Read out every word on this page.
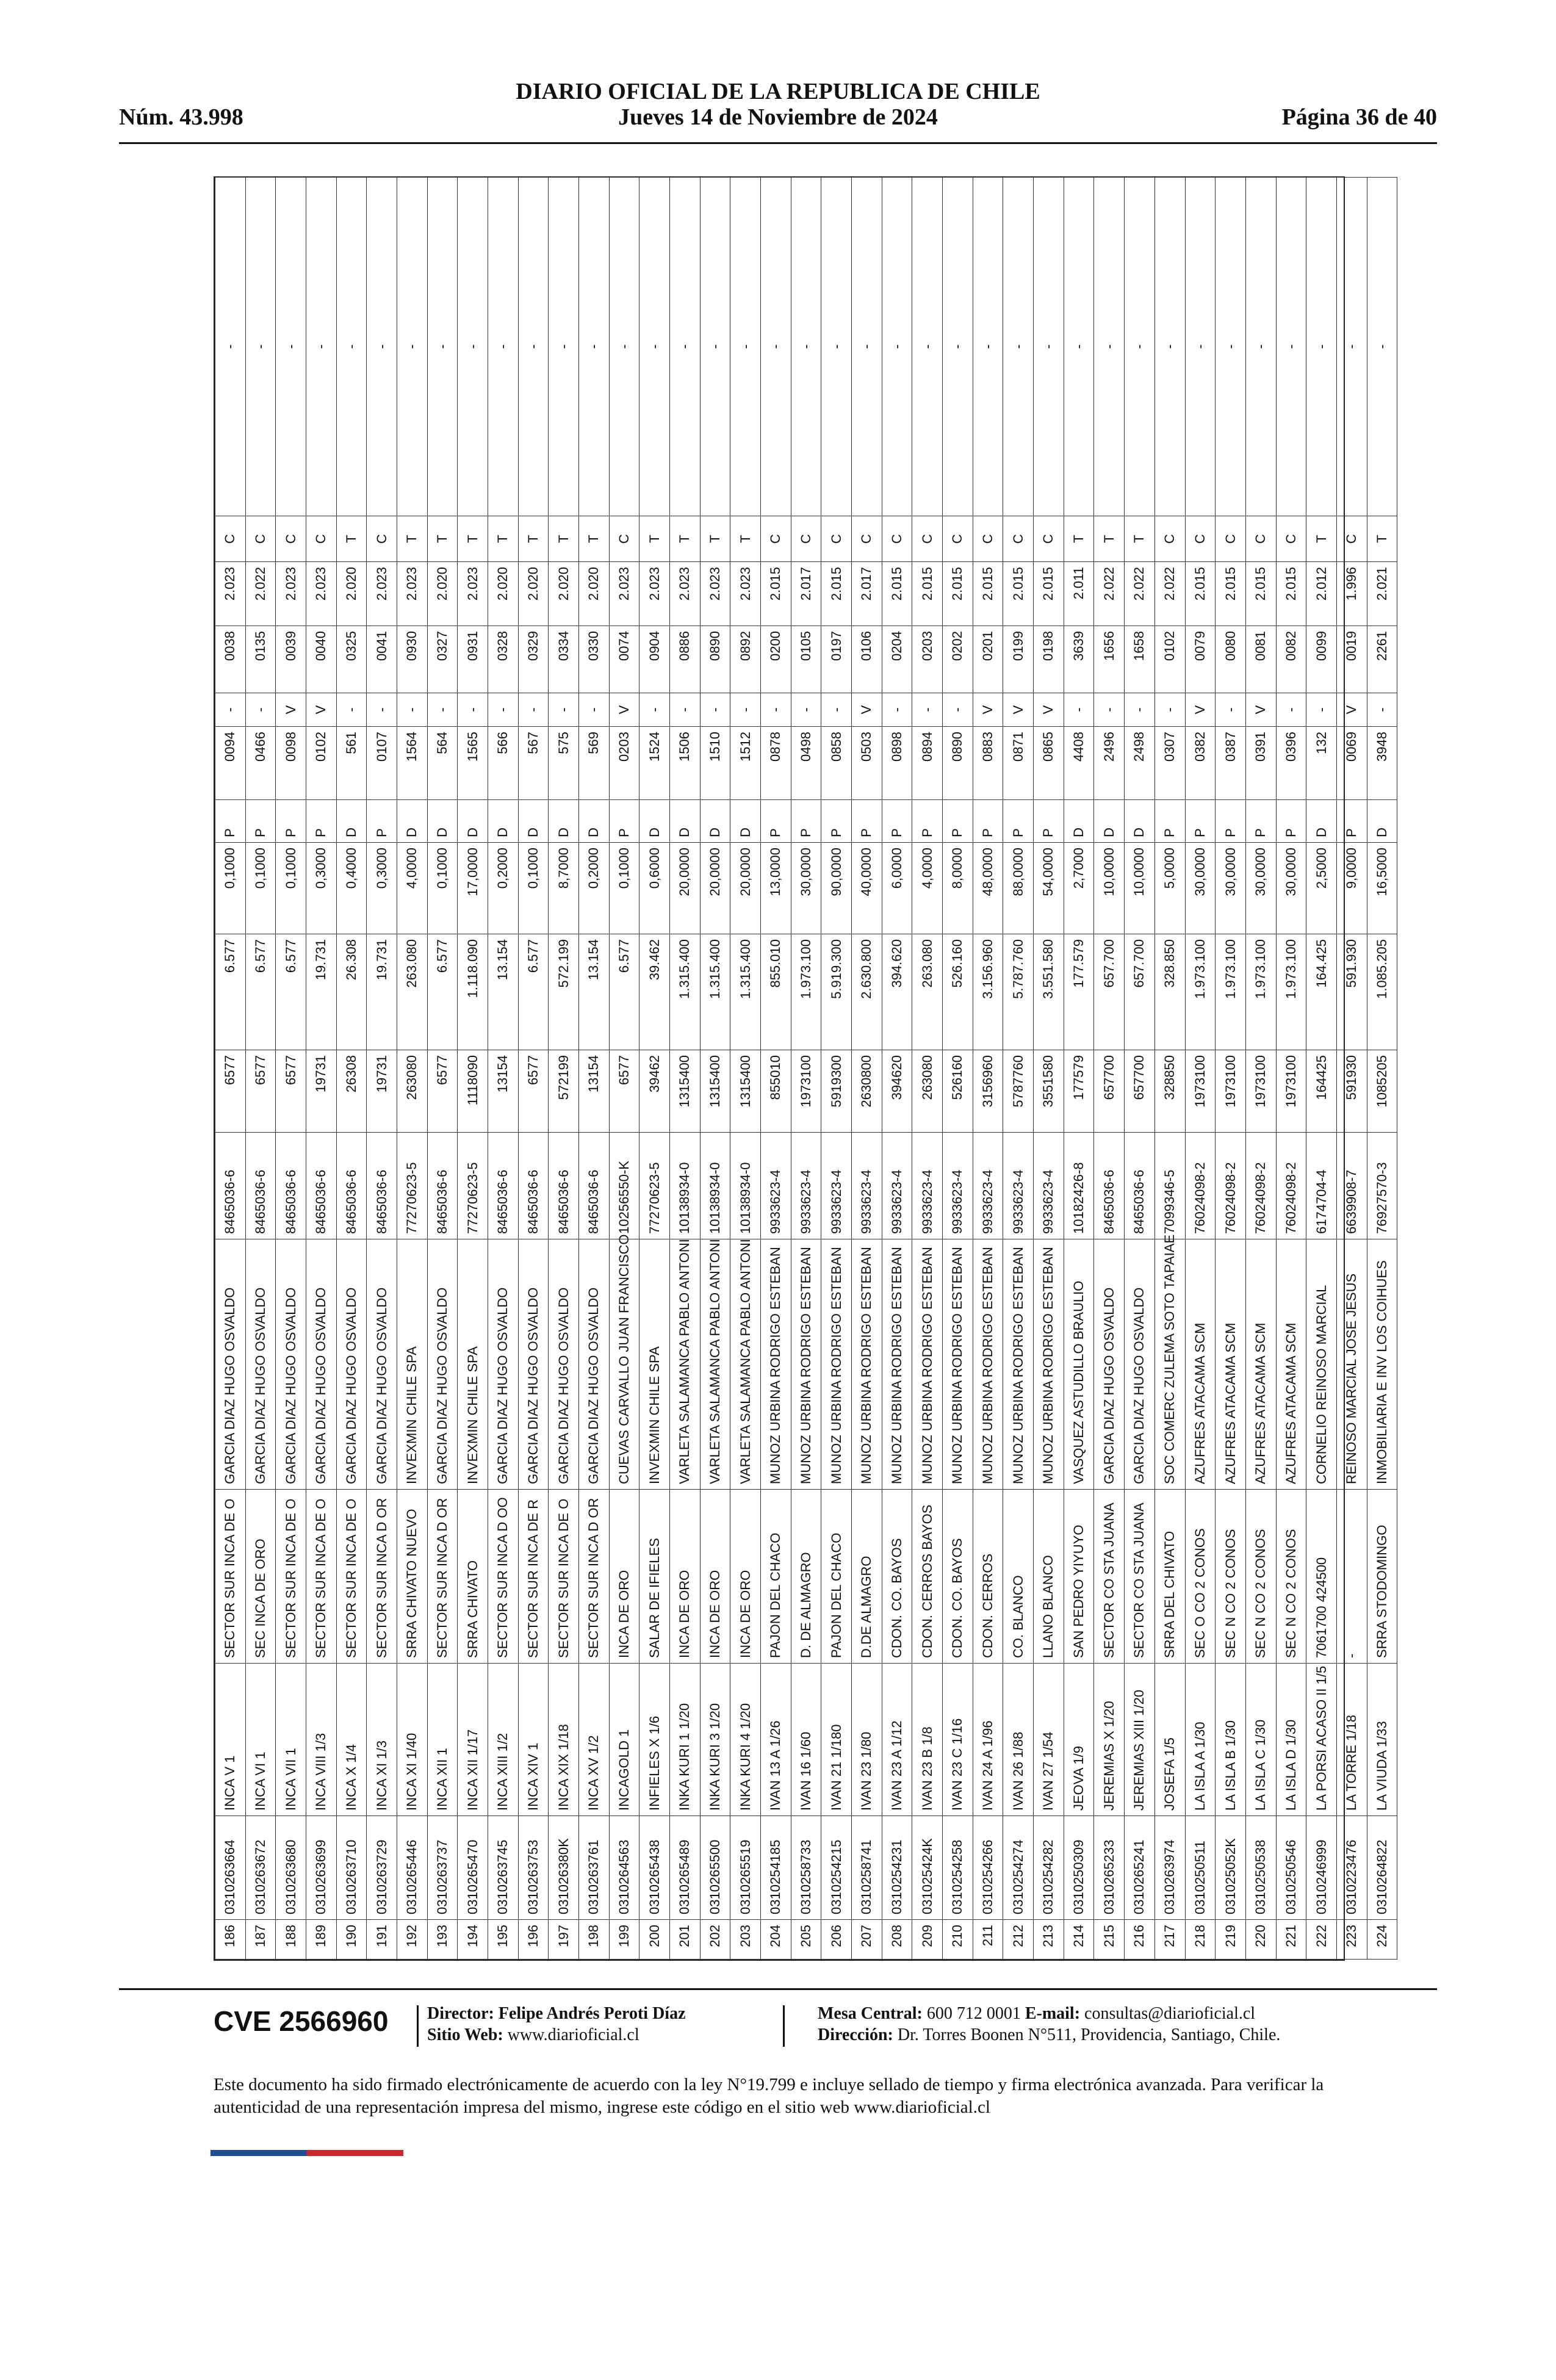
DIARIO OFICIAL DE LA REPUBLICA DE CHILE
Núm. 43.998	Jueves 14 de Noviembre de 2024	Página 36 de 40
186	0310263664	INCA V 1	SECTOR SUR INCA DE O	GARCIA DIAZ HUGO OSVALDO	8465036-6	6577	6.577	0,1000	P	0094	-	0038	2.023	C	-
187	0310263672	INCA VI 1	SEC INCA DE ORO	GARCIA DIAZ HUGO OSVALDO	8465036-6	6577	6.577	0,1000	P	0466	-	0135	2.022	C	-
188	0310263680	INCA VII 1	SECTOR SUR INCA DE O	GARCIA DIAZ HUGO OSVALDO	8465036-6	6577	6.577	0,1000	P	0098	V	0039	2.023	C	-
189	0310263699	INCA VIII 1/3	SECTOR SUR INCA DE O	GARCIA DIAZ HUGO OSVALDO	8465036-6	19731	19.731	0,3000	P	0102	V	0040	2.023	C	-
190	0310263710	INCA X 1/4	SECTOR SUR INCA DE O	GARCIA DIAZ HUGO OSVALDO	8465036-6	26308	26.308	0,4000	D	561	-	0325	2.020	T	-
191	0310263729	INCA XI 1/3	SECTOR SUR INCA D OR	GARCIA DIAZ HUGO OSVALDO	8465036-6	19731	19.731	0,3000	P	0107	-	0041	2.023	C	-
192	0310265446	INCA XI 1/40	SRRA CHIVATO NUEVO	INVEXMIN CHILE SPA	77270623-5	263080	263.080	4,0000	D	1564	-	0930	2.023	T	-
193	0310263737	INCA XII 1	SECTOR SUR INCA D OR	GARCIA DIAZ HUGO OSVALDO	8465036-6	6577	6.577	0,1000	D	564	-	0327	2.020	T	-
194	0310265470	INCA XII 1/17	SRRA CHIVATO	INVEXMIN CHILE SPA	77270623-5	1118090	1.118.090	17,0000	D	1565	-	0931	2.023	T	-
195	0310263745	INCA XIII 1/2	SECTOR SUR INCA D OO	GARCIA DIAZ HUGO OSVALDO	8465036-6	13154	13.154	0,2000	D	566	-	0328	2.020	T	-
196	0310263753	INCA XIV 1	SECTOR SUR INCA DE R	GARCIA DIAZ HUGO OSVALDO	8465036-6	6577	6.577	0,1000	D	567	-	0329	2.020	T	-
197	031026380K	INCA XIX 1/18	SECTOR SUR INCA DE O	GARCIA DIAZ HUGO OSVALDO	8465036-6	572199	572.199	8,7000	D	575	-	0334	2.020	T	-
198	0310263761	INCA XV 1/2	SECTOR SUR INCA D OR	GARCIA DIAZ HUGO OSVALDO	8465036-6	13154	13.154	0,2000	D	569	-	0330	2.020	T	-
199	0310264563	INCAGOLD 1	INCA DE ORO	CUEVAS CARVALLO JUAN FRANCISCO	10256550-K	6577	6.577	0,1000	P	0203	V	0074	2.023	C	-
200	0310265438	INFIELES X 1/6	SALAR DE IFIELES	INVEXMIN CHILE SPA	77270623-5	39462	39.462	0,6000	D	1524	-	0904	2.023	T	-
201	0310265489	INKA KURI 1 1/20	INCA DE ORO	VARLETA SALAMANCA PABLO ANTONI	10138934-0	1315400	1.315.400	20,0000	D	1506	-	0886	2.023	T	-
202	0310265500	INKA KURI 3 1/20	INCA DE ORO	VARLETA SALAMANCA PABLO ANTONI	10138934-0	1315400	1.315.400	20,0000	D	1510	-	0890	2.023	T	-
203	0310265519	INKA KURI 4 1/20	INCA DE ORO	VARLETA SALAMANCA PABLO ANTONI	10138934-0	1315400	1.315.400	20,0000	D	1512	-	0892	2.023	T	-
204	0310254185	IVAN 13 A 1/26	PAJON DEL CHACO	MUNOZ URBINA RODRIGO ESTEBAN	9933623-4	855010	855.010	13,0000	P	0878	-	0200	2.015	C	-
205	0310258733	IVAN 16 1/60	D. DE ALMAGRO	MUNOZ URBINA RODRIGO ESTEBAN	9933623-4	1973100	1.973.100	30,0000	P	0498	-	0105	2.017	C	-
206	0310254215	IVAN 21 1/180	PAJON DEL CHACO	MUNOZ URBINA RODRIGO ESTEBAN	9933623-4	5919300	5.919.300	90,0000	P	0858	-	0197	2.015	C	-
207	0310258741	IVAN 23 1/80	D.DE ALMAGRO	MUNOZ URBINA RODRIGO ESTEBAN	9933623-4	2630800	2.630.800	40,0000	P	0503	V	0106	2.017	C	-
208	0310254231	IVAN 23 A 1/12	CDON. CO. BAYOS	MUNOZ URBINA RODRIGO ESTEBAN	9933623-4	394620	394.620	6,0000	P	0898	-	0204	2.015	C	-
209	031025424K	IVAN 23 B 1/8	CDON. CERROS BAYOS	MUNOZ URBINA RODRIGO ESTEBAN	9933623-4	263080	263.080	4,0000	P	0894	-	0203	2.015	C	-
210	0310254258	IVAN 23 C 1/16	CDON. CO. BAYOS	MUNOZ URBINA RODRIGO ESTEBAN	9933623-4	526160	526.160	8,0000	P	0890	-	0202	2.015	C	-
211	0310254266	IVAN 24 A 1/96	CDON. CERROS	MUNOZ URBINA RODRIGO ESTEBAN	9933623-4	3156960	3.156.960	48,0000	P	0883	V	0201	2.015	C	-
212	0310254274	IVAN 26 1/88	CO. BLANCO	MUNOZ URBINA RODRIGO ESTEBAN	9933623-4	5787760	5.787.760	88,0000	P	0871	V	0199	2.015	C	-
213	0310254282	IVAN 27 1/54	LLANO BLANCO	MUNOZ URBINA RODRIGO ESTEBAN	9933623-4	3551580	3.551.580	54,0000	P	0865	V	0198	2.015	C	-
214	0310250309	JEOVA 1/9	SAN PEDRO YIYUYO	VASQUEZ ASTUDILLO BRAULIO	10182426-8	177579	177.579	2,7000	D	4408	-	3639	2.011	T	-
215	0310265233	JEREMIAS X 1/20	SECTOR CO STA JUANA	GARCIA DIAZ HUGO OSVALDO	8465036-6	657700	657.700	10,0000	D	2496	-	1656	2.022	T	-
216	0310265241	JEREMIAS XIII 1/20	SECTOR CO STA JUANA	GARCIA DIAZ HUGO OSVALDO	8465036-6	657700	657.700	10,0000	D	2498	-	1658	2.022	T	-
217	0310263974	JOSEFA 1/5	SRRA DEL CHIVATO	SOC COMERC ZULEMA SOTO TAPAIAE	7099346-5	328850	328.850	5,0000	P	0307	-	0102	2.022	C	-
218	0310250511	LA ISLA A 1/30	SEC O CO 2 CONOS	AZUFRES ATACAMA SCM	76024098-2	1973100	1.973.100	30,0000	P	0382	V	0079	2.015	C	-
219	031025052K	LA ISLA B 1/30	SEC N CO 2 CONOS	AZUFRES ATACAMA SCM	76024098-2	1973100	1.973.100	30,0000	P	0387	-	0080	2.015	C	-
220	0310250538	LA ISLA C 1/30	SEC N CO 2 CONOS	AZUFRES ATACAMA SCM	76024098-2	1973100	1.973.100	30,0000	P	0391	V	0081	2.015	C	-
221	0310250546	LA ISLA D 1/30	SEC N CO 2 CONOS	AZUFRES ATACAMA SCM	76024098-2	1973100	1.973.100	30,0000	P	0396	-	0082	2.015	C	-
222	0310246999	LA PORSI ACASO II 1/5	7061700 424500	CORNELIO REINOSO MARCIAL	6174704-4	164425	164.425	2,5000	D	132	-	0099	2.012	T	-
223	0310223476	LA TORRE 1/18	-	REINOSO MARCIAL JOSE JESUS	6639908-7	591930	591.930	9,0000	P	0069	V	0019	1.996	C	-
224	0310264822	LA VIUDA 1/33	SRRA STODOMINGO	INMOBILIARIA E INV LOS COIHUES	76927570-3	1085205	1.085.205	16,5000	D	3948	-	2261	2.021	T	-
CVE 2566960 Director: Felipe Andrés Peroti Díaz
Sitio Web: www.diarioficial.cl
Mesa Central: 600 712 0001 E-mail: consultas@diarioficial.cl
Dirección: Dr. Torres Boonen N°511, Providencia, Santiago, Chile.
Este documento ha sido firmado electrónicamente de acuerdo con la ley N°19.799 e incluye sellado de tiempo y firma electrónica avanzada. Para verificar la autenticidad de una representación impresa del mismo, ingrese este código en el sitio web www.diarioficial.cl
